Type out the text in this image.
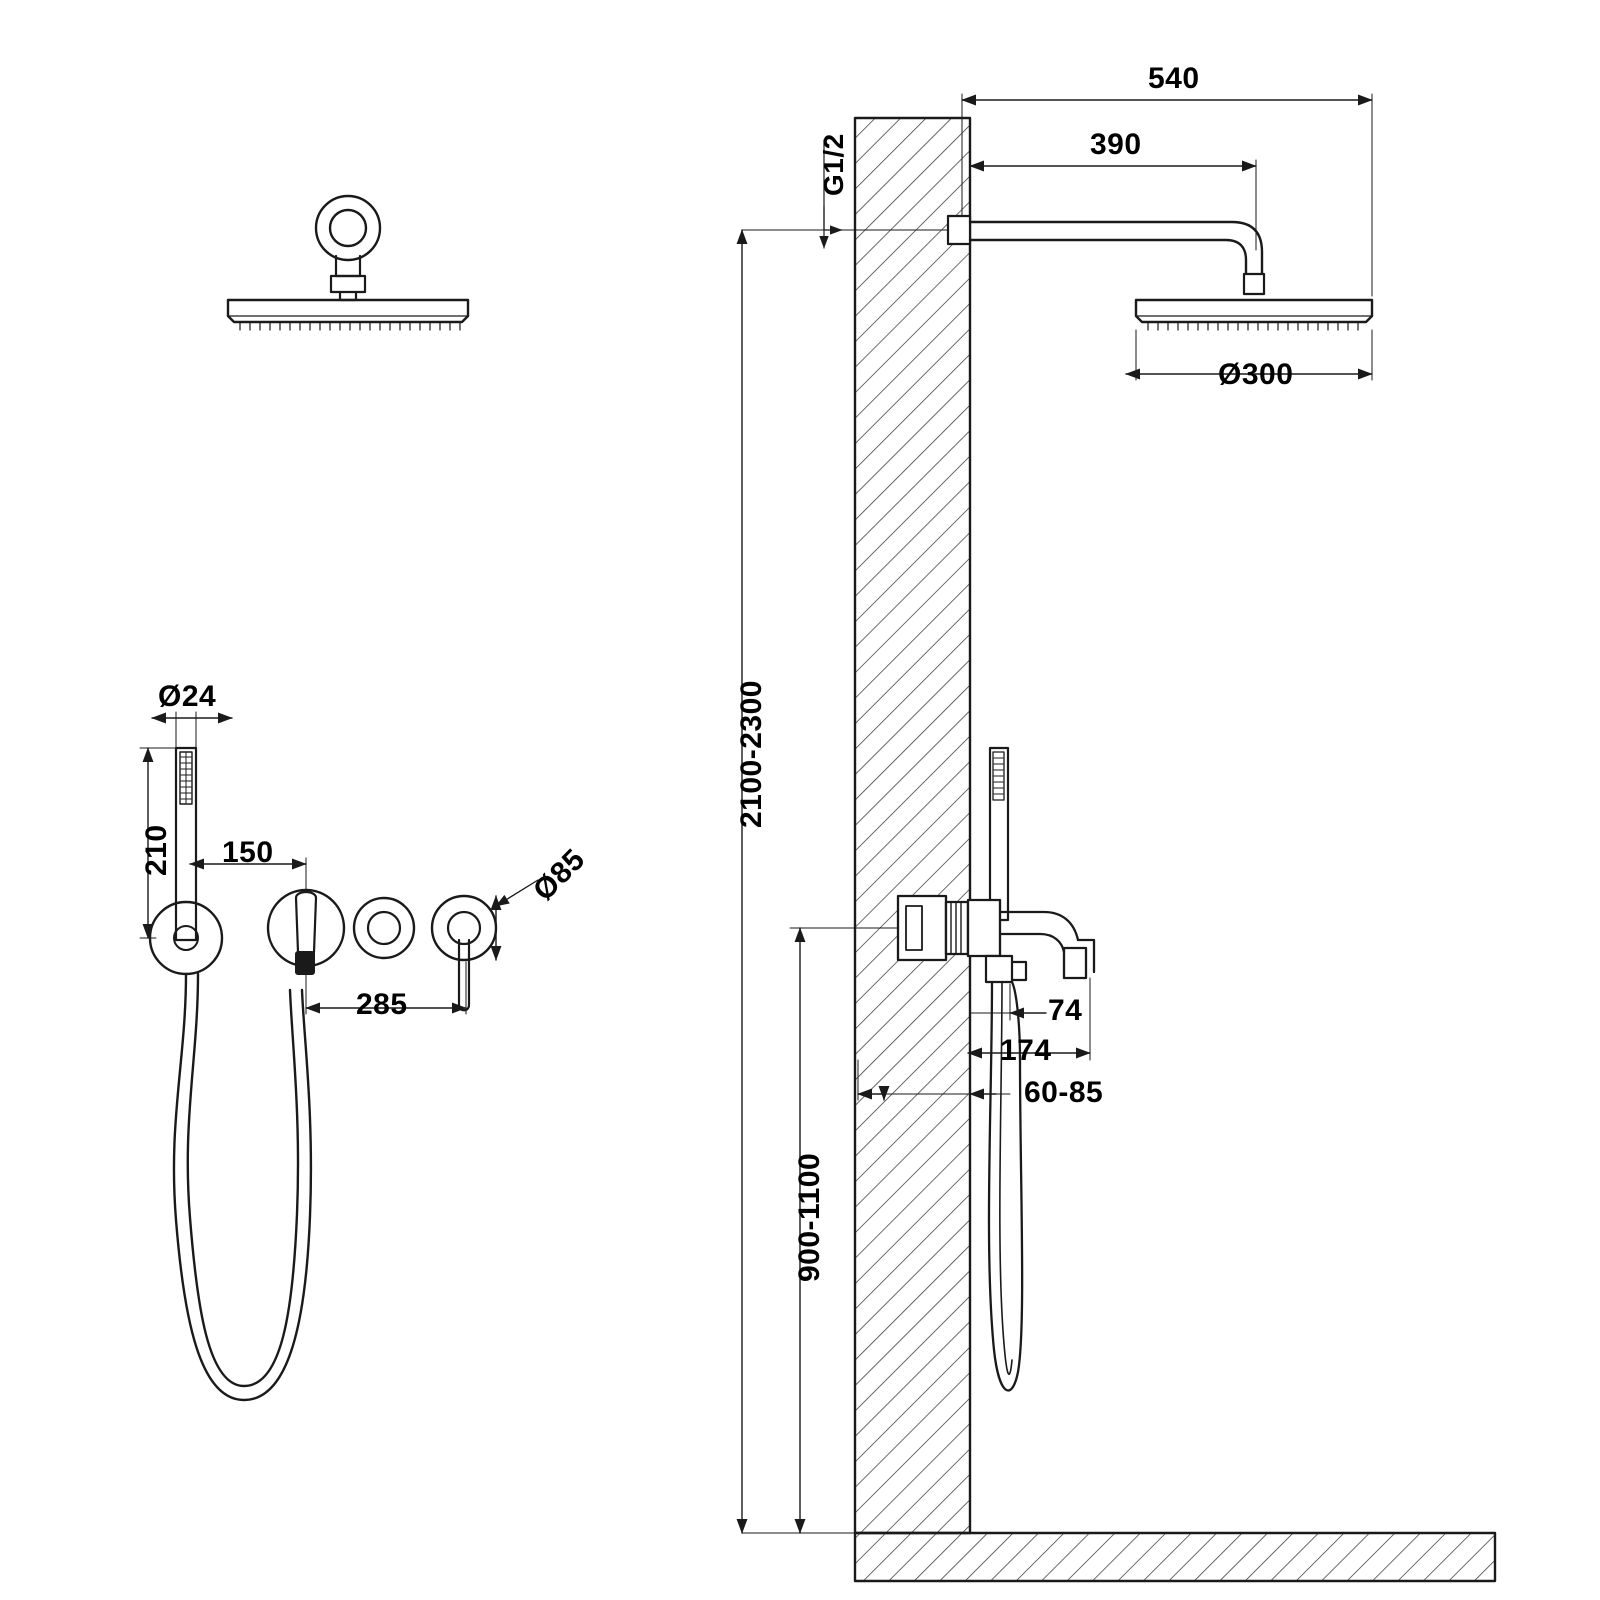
540
390
G1/2
Ø300
2100-2300
900-1100
74
174
60-85
Ø24
210 150
285
Ø85
